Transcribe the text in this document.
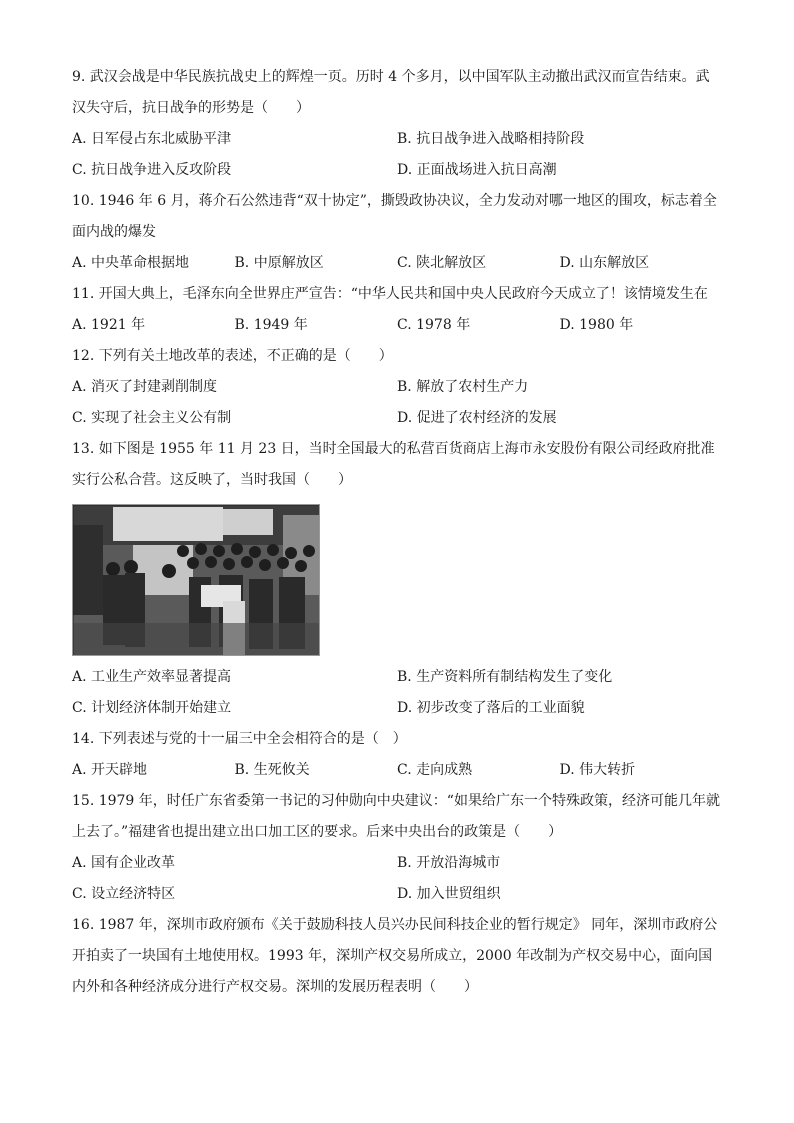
9. 武汉会战是中华民族抗战史上的辉煌一页。历时 4 个多月，以中国军队主动撤出武汉而宣告结束。武汉失守后，抗日战争的形势是（　　）
A. 日军侵占东北威胁平津	B. 抗日战争进入战略相持阶段
C. 抗日战争进入反攻阶段	D. 正面战场进入抗日高潮
10. 1946 年 6 月，蒋介石公然违背“双十协定”，撕毁政协决议，全力发动对哪一地区的围攻，标志着全面内战的爆发
A. 中央革命根据地	B. 中原解放区	C. 陕北解放区	D. 山东解放区
11. 开国大典上，毛泽东向全世界庄严宣告：“中华人民共和国中央人民政府今天成立了！该情境发生在
A. 1921 年	B. 1949 年	C. 1978 年	D. 1980 年
12. 下列有关土地改革的表述，不正确的是（　　）
A. 消灭了封建剥削制度	B. 解放了农村生产力
C. 实现了社会主义公有制	D. 促进了农村经济的发展
13. 如下图是 1955 年 11 月 23 日，当时全国最大的私营百货商店上海市永安股份有限公司经政府批准实行公私合营。这反映了，当时我国（　　）
A. 工业生产效率显著提高	B. 生产资料所有制结构发生了变化
C. 计划经济体制开始建立	D. 初步改变了落后的工业面貌
14. 下列表述与党的十一届三中全会相符合的是（　）
A. 开天辟地	B. 生死攸关	C. 走向成熟	D. 伟大转折
15. 1979 年，时任广东省委第一书记的习仲勋向中央建议：“如果给广东一个特殊政策，经济可能几年就上去了。”福建省也提出建立出口加工区的要求。后来中央出台的政策是（　　）
A. 国有企业改革	B. 开放沿海城市
C. 设立经济特区	D. 加入世贸组织
16. 1987 年，深圳市政府颁布《关于鼓励科技人员兴办民间科技企业的暂行规定》 同年，深圳市政府公开拍卖了一块国有土地使用权。1993 年，深圳产权交易所成立，2000 年改制为产权交易中心，面向国内外和各种经济成分进行产权交易。深圳的发展历程表明（　　）
